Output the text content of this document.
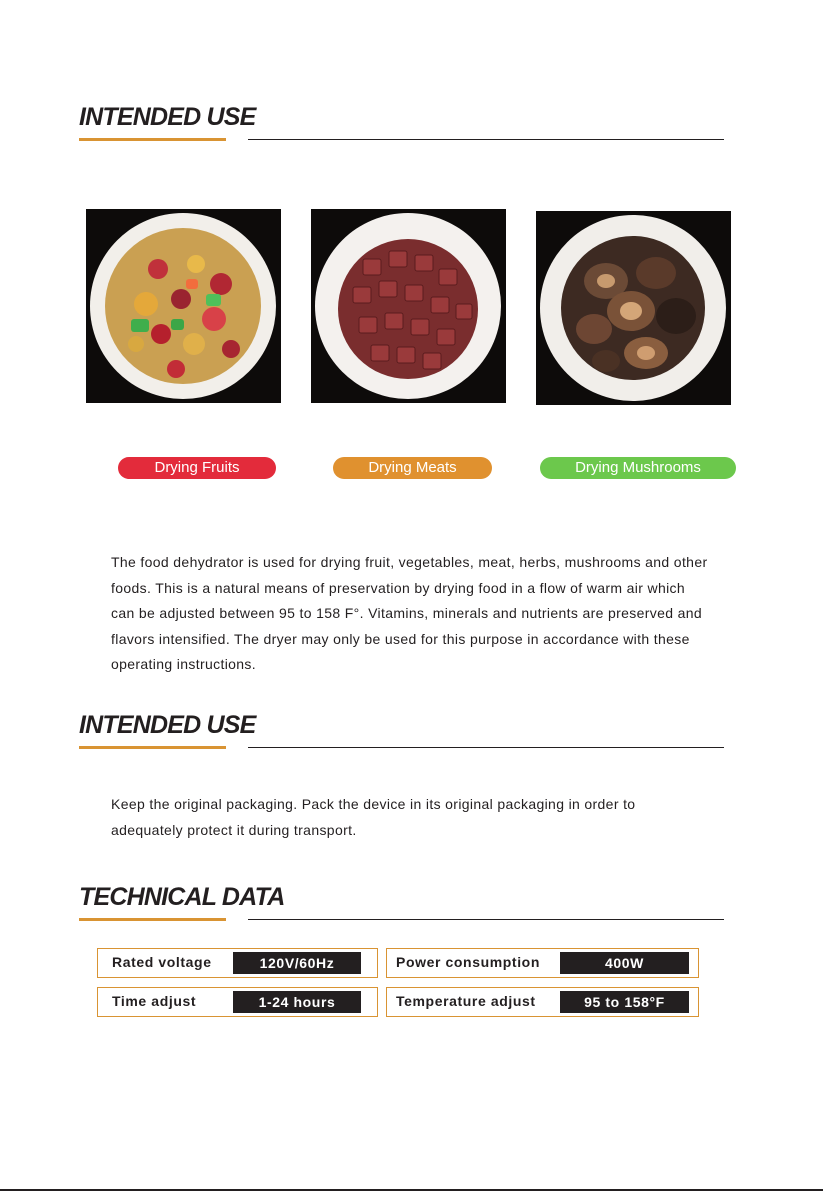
INTENDED USE
Drying Fruits	Drying Meats	Drying Mushrooms

The food dehydrator is used for drying fruit, vegetables, meat, herbs, mushrooms and other foods. This is a natural means of preservation by drying food in a flow of warm air which can be adjusted between 95 to 158 F°. Vitamins, minerals and nutrients are preserved and flavors intensified. The dryer may only be used for this purpose in accordance with these operating instructions.

INTENDED USE

Keep the original packaging. Pack the device in its original packaging in order to adequately protect it during transport.

TECHNICAL DATA
Rated voltage	120V/60Hz	Power consumption	400W
Time adjust	1-24 hours	Temperature adjust	95 to 158°F
